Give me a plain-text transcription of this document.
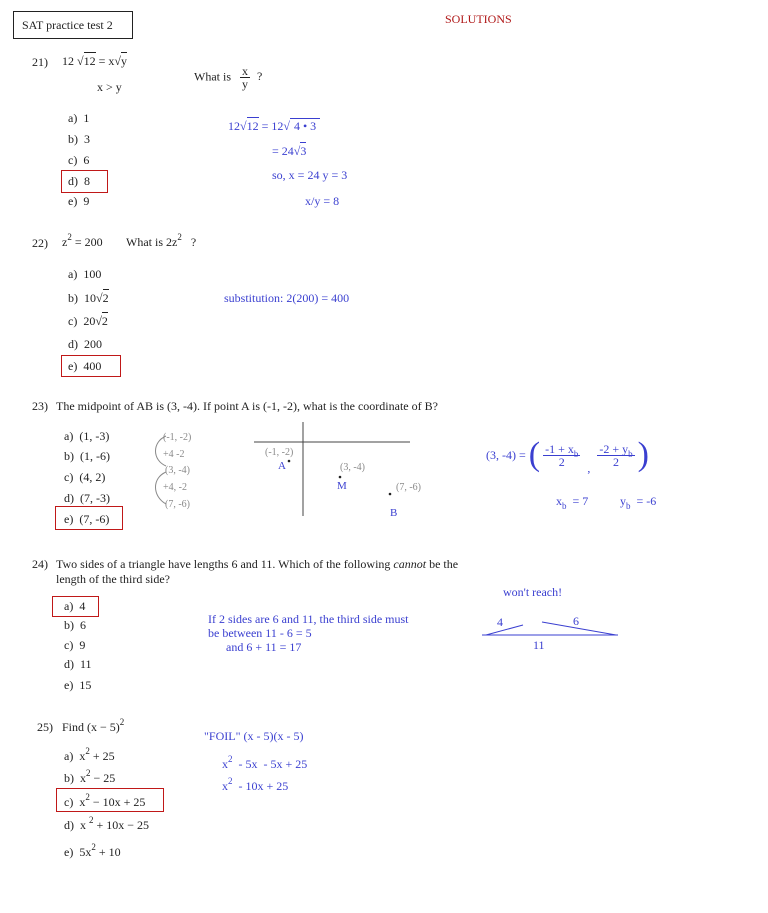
SAT practice test 2	SOLUTIONS
21) 12 √12 = x√y
x > y
What is $\frac{x}{y}$ ?
a) 1
b) 3
c) 6
d) 8
e) 9
12√12 = 12√ 4 • 3
= 24√3
so, x = 24 y = 3
x/y = 8
22) $z^2 = 200$ What is $2z^2$ ?
a) 100
b) 10√2
c) 20√2
d) 200
e) 400
substitution: 2(200) = 400
23) The midpoint of AB is (3, -4). If point A is (-1, -2), what is the coordinate of B?
a) (1, -3)
b) (1, -6)
c) (4, 2)
d) (7, -3)
e) (7, -6)
(-1, -2)
+4 -2
(3, -4)
+4, -2
(7, -6)
(-1, -2)
A	(3, -4)
M	(7, -6)
B
(3, -4) = ( $\frac{-1 + x_b}{2}$
,
$\frac{-2 + y_b}{2}$ )
$x_b = 7$	$y_b = -6$
24) Two sides of a triangle have lengths 6 and 11. Which of the following cannot be the
length of the third side?
a) 4
b) 6
c) 9
d) 11
e) 15
If 2 sides are 6 and 11, the third side must
be between 11 - 6 = 5
and 6 + 11 = 17
won't reach!
4	6
11
25) Find $(x - 5)^2$
a) $x^2 + 25$
b) $x^2 - 25$
c) $x^2 - 10x + 25$
d) x $^2$ + 10x − 25
e) $5x^2 + 10$
"FOIL" (x - 5)(x - 5)
$x^2 - 5x - 5x + 25$
$x^2 - 10x + 25$
